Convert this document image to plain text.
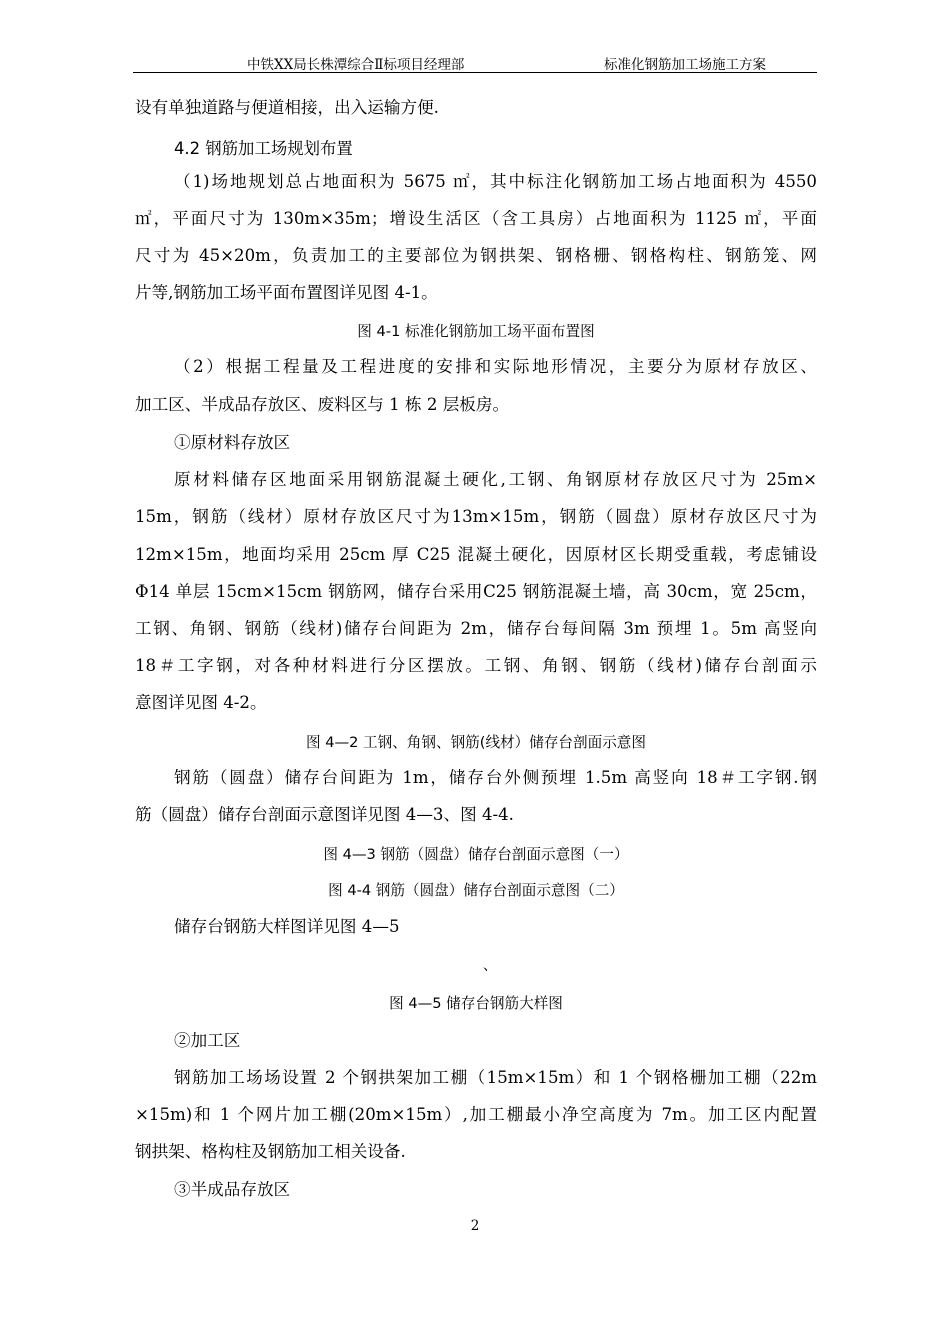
中铁XX局长株潭综合Ⅱ标项目经理部	标准化钢筋加工场施工方案
设有单独道路与便道相接，出入运输方便.
4.2 钢筋加工场规划布置
（1)场地规划总占地面积为 5675 ㎡，其中标注化钢筋加工场占地面积为 4550
㎡，平面尺寸为 130m×35m；增设生活区（含工具房）占地面积为 1125 ㎡，平面
尺寸为 45×20m，负责加工的主要部位为钢拱架、钢格栅、钢格构柱、钢筋笼、网
片等,钢筋加工场平面布置图详见图 4-1。
图 4-1 标准化钢筋加工场平面布置图
（2）根据工程量及工程进度的安排和实际地形情况，主要分为原材存放区、
加工区、半成品存放区、废料区与 1 栋 2 层板房。
①原材料存放区
原材料储存区地面采用钢筋混凝土硬化,工钢、角钢原材存放区尺寸为 25m×
15m，钢筋（线材）原材存放区尺寸为13m×15m，钢筋（圆盘）原材存放区尺寸为
12m×15m，地面均采用 25cm 厚 C25 混凝土硬化，因原材区长期受重载，考虑铺设
Φ14 单层 15cm×15cm 钢筋网，储存台采用C25 钢筋混凝土墙，高 30cm，宽 25cm，
工钢、角钢、钢筋（线材)储存台间距为 2m，储存台每间隔 3m 预埋 1。5m 高竖向
18＃工字钢，对各种材料进行分区摆放。工钢、角钢、钢筋（线材)储存台剖面示
意图详见图 4-2。
图 4—2 工钢、角钢、钢筋(线材）储存台剖面示意图
钢筋（圆盘）储存台间距为 1m，储存台外侧预埋 1.5m 高竖向 18＃工字钢.钢
筋（圆盘）储存台剖面示意图详见图 4—3、图 4-4.
图 4—3 钢筋（圆盘）储存台剖面示意图（一）
图 4-4 钢筋（圆盘）储存台剖面示意图（二）
储存台钢筋大样图详见图 4—5
、
图 4—5 储存台钢筋大样图
②加工区
钢筋加工场场设置 2 个钢拱架加工棚（15m×15m）和 1 个钢格栅加工棚（22m
×15m)和 1 个网片加工棚(20m×15m）,加工棚最小净空高度为 7m。加工区内配置
钢拱架、格构柱及钢筋加工相关设备.
③半成品存放区
2
